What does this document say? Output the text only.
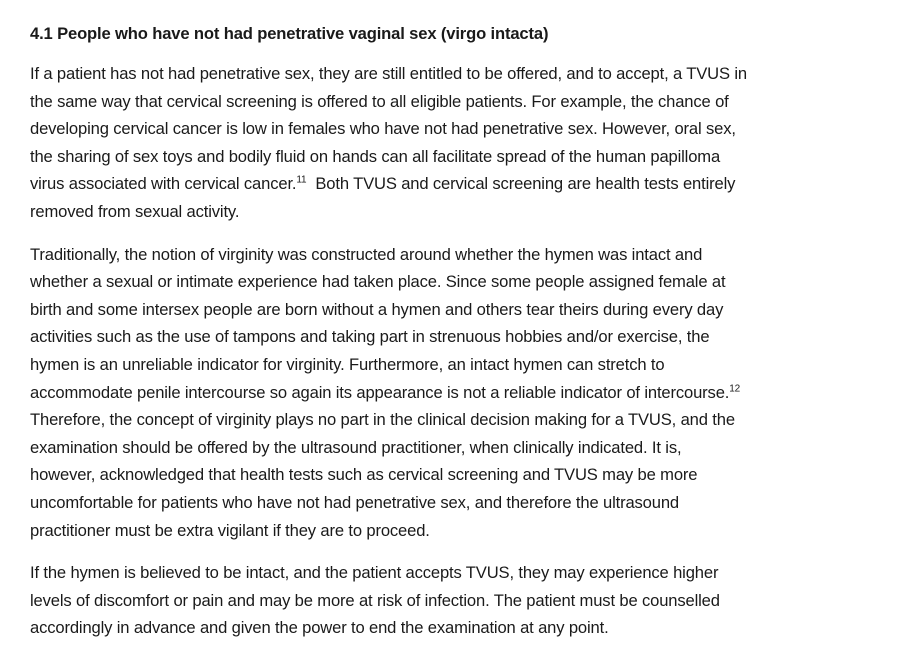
4.1 People who have not had penetrative vaginal sex (virgo intacta)
If a patient has not had penetrative sex, they are still entitled to be offered, and to accept, a TVUS in
the same way that cervical screening is offered to all eligible patients. For example, the chance of
developing cervical cancer is low in females who have not had penetrative sex. However, oral sex,
the sharing of sex toys and bodily fluid on hands can all facilitate spread of the human papilloma
virus associated with cervical cancer.$^{11}$  Both TVUS and cervical screening are health tests entirely
removed from sexual activity.
Traditionally, the notion of virginity was constructed around whether the hymen was intact and
whether a sexual or intimate experience had taken place. Since some people assigned female at
birth and some intersex people are born without a hymen and others tear theirs during every day
activities such as the use of tampons and taking part in strenuous hobbies and/or exercise, the
hymen is an unreliable indicator for virginity. Furthermore, an intact hymen can stretch to
accommodate penile intercourse so again its appearance is not a reliable indicator of intercourse.$^{12}$
Therefore, the concept of virginity plays no part in the clinical decision making for a TVUS, and the
examination should be offered by the ultrasound practitioner, when clinically indicated. It is,
however, acknowledged that health tests such as cervical screening and TVUS may be more
uncomfortable for patients who have not had penetrative sex, and therefore the ultrasound
practitioner must be extra vigilant if they are to proceed.
If the hymen is believed to be intact, and the patient accepts TVUS, they may experience higher
levels of discomfort or pain and may be more at risk of infection. The patient must be counselled
accordingly in advance and given the power to end the examination at any point.
